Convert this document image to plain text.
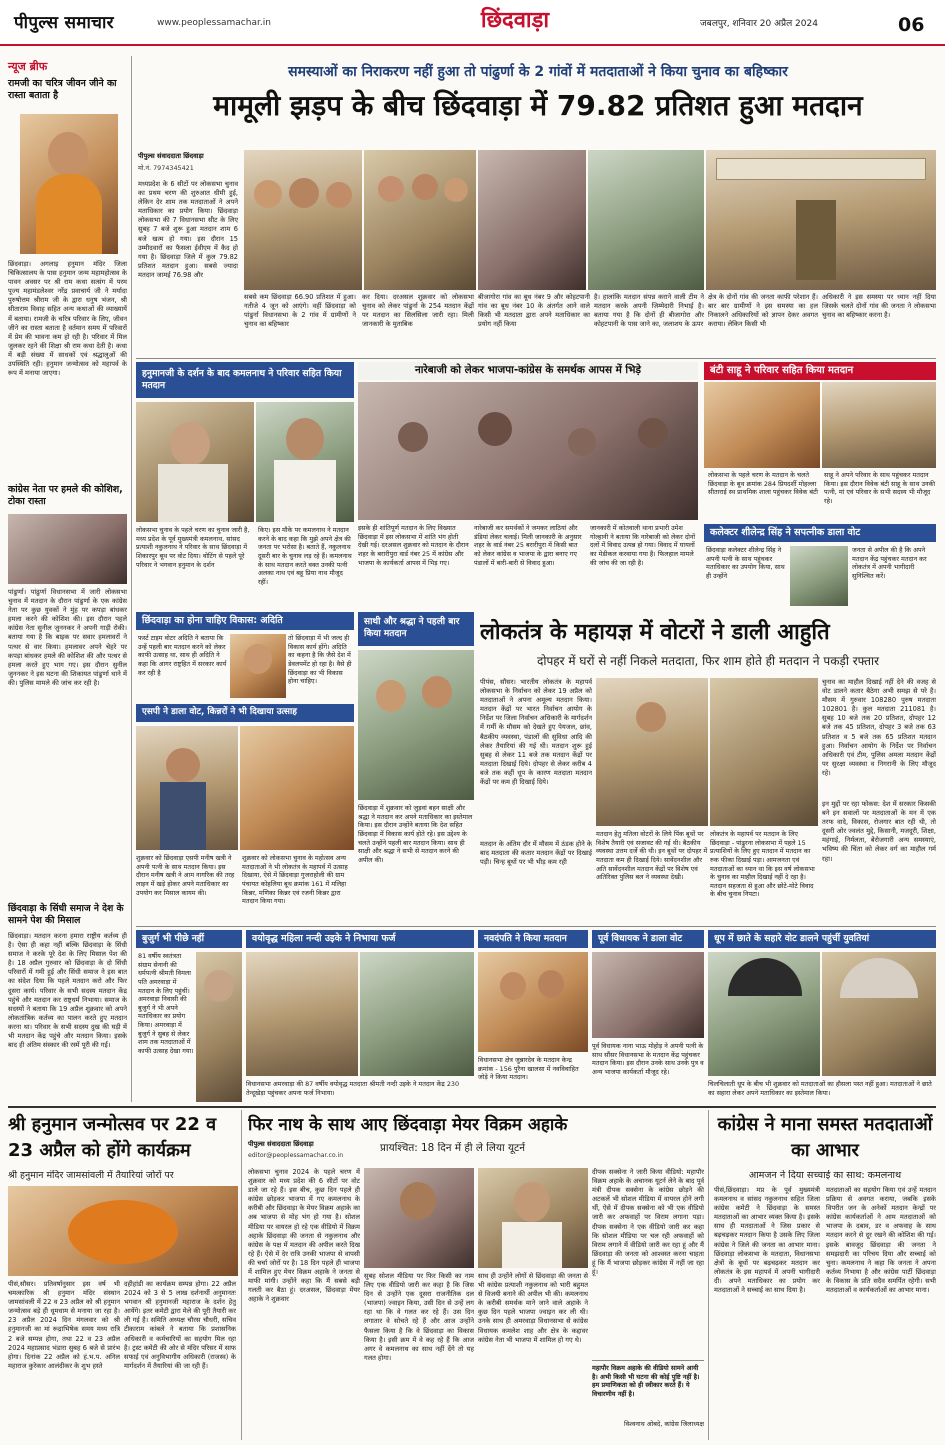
पीपुल्स समाचार	www.peoplessamachar.in	छिंदवाड़ा	जबलपुर, शनिवार 20 अप्रैल 2024	06
न्यूज ब्रीफ
रामजी का चरित्र जीवन जीने का रास्ता बताता है
छिंदवाड़ा। अगलाइ हनुमान मंदिर जिला चिकित्सालय के पास हनुमान जन्म महामहोत्सव के पावन अवसर पर श्री राम कथा सत्संग में परम पूज्य महामंडलेश्वर नरेंद्र प्रवाचार्य जी ने मर्यादा पुरुषोत्तम श्रीराम जी के द्वारा धनुष भंजन, श्री सीताराम विवाह सहित अन्य कथाओं की व्याख्यायें में बताया। रामजी के चरित्र परिवार के लिए, जीवन जीने का रास्ता बताता है वर्तमान समय में परिवारों में प्रेम की भावना कम हो रही है। परिवार में मिल जुलकर रहने की शिक्षा श्री राम कथा देती है। कथा में बड़ी संख्या में साधकों एवं श्रद्धालुओं की उपस्थिति रही। हनुमान जन्मोत्सव को महापर्व के रूप में मनाया जाएगा।
कांग्रेस नेता पर हमले की कोशिश, टोका रास्ता
पांढुर्णा। पांढुर्णा विधानसभा में जारी लोकसभा चुनाव में मतदान के दौरान पांढुर्णा के एक कांग्रेस नेता पर कुछ युवकों ने मुंह पर कपड़ा बांधकर हमला करने की कोशिश की। इस दौरान पहले कांग्रेस नेता सुनील जुननकर ने अपनी गाड़ी रोकी। बताया गया है कि बाइक पर सवार हमलावरों ने पत्थर से वार किया। हमलावर अपने चेहरे पर कपड़ा बांधकर हमले की कोशिश की और पत्थर से हमला करते हुए भाग गए। इस दौरान सुनील जुननकर ने इस घटना की शिकायत पांढुर्णा थाने में की। पुलिस मामले की जांच कर रही है।
छिंदवाड़ा के सिंधी समाज ने देश के सामने पेश की मिसाल
छिंदवाड़ा। मतदान करना हमारा राष्ट्रीय कर्तव्य ही है। ऐसा ही कहा नहीं बल्कि छिंदवाड़ा के सिंधी समाज ने करके पूरे देश के लिए मिसाल पेश की है। 18 अप्रैल गुरुवार को छिंदवाड़ा के दो सिंधी परिवारों में गमी हुई और सिंधी समाज ने इस बात का संदेश दिया कि पहले मतदान करो और फिर दूसरा कार्य। परिवार के सभी सदस्य मतदान केंद्र पहुंचे और मतदान कर राष्ट्रधर्म निभाया। समाज के सदस्यों ने बताया कि 19 अप्रैल शुक्रवार को अपने लोकतांत्रिक कर्तव्य का पालन करते हुए मतदान करना था। परिवार के सभी सदस्य दुख की घड़ी में भी मतदान केंद्र पहुंचे और मतदान किया। इसके बाद ही अंतिम संस्कार की रस्में पूरी की गईं।
समस्याओं का निराकरण नहीं हुआ तो पांढुर्णा के 2 गांवों में मतदाताओं ने किया चुनाव का बहिष्कार
मामूली झड़प के बीच छिंदवाड़ा में 79.82 प्रतिशत हुआ मतदान
पीपुल्स संवाददाता छिंदवाड़ा
मो.नं. 7974345421
मध्यप्रदेश के 6 सीटों पर लोकसभा चुनाव का प्रथम चरण की शुरुआत धीमी हुई, लेकिन देर शाम तक मतदाताओं ने अपने मताधिकार का प्रयोग किया। छिंदवाड़ा लोकसभा की 7 विधानसभा सीट के लिए सुबह 7 बजे शुरू हुआ मतदान शाम 6 बजे खत्म हो गया। इस दौरान 15 उम्मीदवारों का फैसला ईवीएम में कैद हो गया है। छिंदवाड़ा जिले में कुल 79.82 प्रतिशत मतदान हुआ। सबसे ज्यादा मतदान जामई 76.98 और
सबसे कम छिंदवाड़ा 66.90 प्रतिशत में हुआ। नतीजे 4 जून को आएंगे। वहीं छिंदवाड़ा को पांढुर्ना विधानसभा के 2 गांव में ग्रामीणों ने चुनाव का बहिष्कार
कर दिया। दरअसल शुक्रवार को लोकसभा चुनाव को लेकर पांढुर्ना के 254 मतदान केंद्रों पर मतदान का सिलसिला जारी रहा। मिली जानकारी के मुताबिक
बीजागोरा गांव का बूथ नंबर 9 और कोहटपानी गांव का बूथ नंबर 10 के अंतर्गत आने वाले किसी भी मतदाता द्वारा अपने मताधिकार का प्रयोग नहीं किया
है। हालांकि मतदान संपन्न कराने वाली टीम ने मतदान करके अपनी जिम्मेदारी निभाई है। बताया गया है कि दोनों ही बीजागोरा और कोहटपानी के पास जाने का, जलाशय के ऊपर
क्षेत्र के दोनों गांव की जनता काफी परेशान हैं। बार बार ग्रामीणों ने इस समस्या का हल निकालने अधिकारियों को ज्ञापन देकर अवगत कराया। लेकिन किसी भी
अधिकारी ने इस समस्या पर ध्यान नहीं दिया जिसके चलते दोनों गांव की जनता ने लोकसभा चुनाव का बहिष्कार करना है।
हनुमानजी के दर्शन के बाद कमलनाथ ने परिवार सहित किया मतदान
लोकसभा चुनाव के पहले चरण का चुनाव जारी है, मध्य प्रदेश के पूर्व मुख्यमंत्री कमलनाथ, सांसद प्रत्याशी नकुलनाथ ने परिवार के साथ छिंदवाड़ा में शिकारपुर बूथ पर वोट दिया। वोटिंग से पहले पूरे परिवार ने भगवान हनुमान के दर्शन
किए। इस मौके पर कमलनाथ ने मतदान करने के बाद कहा कि मुझे अपने क्षेत्र की जनता पर भरोसा है। बताते हैं, नकुलनाथ दूसरी बार के चुनाव लड़ रहे हैं। कमलनाथ के साथ मतदान करते वक्त उनकी पत्नी अलका नाथ एवं बहू प्रिया नाथ मौजूद रहीं।
नारेबाजी को लेकर भाजपा-कांग्रेस के समर्थक आपस में भिड़े
इसके ही शांतिपूर्ण मतदान के लिए विख्यात छिंदवाड़ा में इस लोकसभा में शांति भंग होती देखी गई। दरअसल शुक्रवार को मतदान के दौरान शहर के बरारीपुरा वार्ड नंबर 25 में कांग्रेस और भाजपा के कार्यकर्ता आपस में भिड़ गए।
नारेबाजी कर समर्थकों ने जमकर लाठियां और डंडियां लेकर चलाई। मिली जानकारी के अनुसार शहर के वार्ड नंबर 25 बरारीपुरा में किसी बात को लेकर कांग्रेस व भाजपा के द्वारा बनाए गए पंडालों में बारी-बारी से विवाद हुआ।
जानकारी में कोतवाली थाना प्रभारी उमेश गोल्हानी ने बताया कि नारेबाजी को लेकर दोनों दलों में विवाद उत्पन्न हो गया। विवाद में घायलों का मेडीकल करवाया गया है। फिलहाल मामले की जांच की जा रही है।
बंटी साहू ने परिवार सहित किया मतदान
लोकसभा के पहले चरण के मतदान के चलते छिंदवाड़ा के बूथ क्रमांक 284 प्रियदर्शी मोहल्ला सीताराई स्थ प्राथमिक शाला पहुंचकर विवेक बंटी
साहू ने अपने परिवार के साथ पहुंचकर मतदान किया। इस दौरान विवेक बंटी साहू के साथ उनकी पत्नी, मां एवं परिवार के सभी सदस्य भी मौजूद रहे।
कलेक्टर शीलेन्द्र सिंह ने सपत्नीक डाला वोट
छिंदवाड़ा कलेक्टर शीलेन्द्र सिंह ने अपनी पत्नी के साथ पहुंचकर मताधिकार का उपयोग किया, साथ ही उन्होंने
जनता से अपील की है कि अपने मतदान केंद्र पहुंचकर मतदान कर लोकतंत्र में अपनी भागीदारी सुनिश्चित करें।
छिंदवाड़ा का होना चाहिए विकास: अदिति
फर्स्ट टाइम वोटर अदिति ने बताया कि उन्हें पहली बार मतदान करने को लेकर काफी उत्साह था, साथ ही अदिति ने कहा कि आगर राष्ट्रहित में सरकार कार्य कर रही है
तो छिंदवाड़ा में भी जल्द ही विकास कार्य होंगे। अदिति का कहना है कि जैसे देश में डेवलपमेंट हो रहा है। वैसे ही छिंदवाड़ा का भी विकास होना चाहिए।
साथी और श्रद्धा ने पहली बार किया मतदान
छिंदवाड़ा में शुक्रवार को जुड़वां बहन साक्षी और श्रद्धा ने मतदान कर अपने मताधिकार का इस्तेमाल किया। इस दौरान उन्होंने बताया कि देश सहित छिंदवाड़ा में विकास कार्य होते रहे। इस उद्देश्य के चलते उन्होंने पहली बार मतदान किया। साथ ही साक्षी और श्रद्धा ने सभी से मतदान करने की अपील की।
एसपी ने डाला वोट, किन्नरों ने भी दिखाया उत्साह
शुक्रवार को छिंदवाड़ा एसपी मनीष खत्री ने अपनी पत्नी के साथ मतदान किया। इस दौरान मनीष खत्री ने आम नागरिक की तरह लाइन में खड़े होकर अपने मताधिकार का उपयोग कर मिसाल कायम की।
शुक्रवार को लोकसभा चुनाव के महोत्सव अन्य मतदाताओं ने भी लोकतंत्र के महापर्व में उत्साह दिखाया, ऐसे में छिंदवाड़ा गुजराहोली की ग्राम पंचायत कोहलिया बूथ क्रमांक 161 में मलिहा किन्नर, मणिका किन्नर एवं रजनी किन्नर द्वारा मतदान किया गया।
लोकतंत्र के महायज्ञ में वोटरों ने डाली आहुति
दोपहर में घरों से नहीं निकले मतदाता, फिर शाम होते ही मतदान ने पकड़ी रफ्तार
पीपंस, सौसर। भारतीय लोकतंत्र के महापर्व लोकसभा के निर्वाचन को लेकर 19 अप्रैल को मतदाताओं ने अपना अमूल्य मतदान किया। मतदान केंद्रों पर भारत निर्वाचन आयोग के निर्देश पर जिला निर्वाचन अधिकारी के मार्गदर्शन में गर्मी के मौसम को देखते हुए पेयजल, छांव, बैठकीय व्यवस्था, पंडालों की सुविधा आदि की लेकर तैयारियां की गई थी। मतदान शुरू हुई सुबह से लेकर 11 बजे तक मतदान केंद्रों पर मतदाता दिखाई दिये। दोपहर से लेकर करीब 4 बजे तक कहीं धूप के कारण मतदाता मतदान केंद्रों पर कम ही दिखाई दिये।
चुनाव का माहौल दिखाई नहीं देने की वजह से वोट डालने कतार बैठेगा अभी समझ से परे है। मौसम में गुरुवार 108280 पुरुष मतदाता 102801 है। कुल मतदाता 211081 है। सुबह 10 बजे तक 20 प्रतिशत, दोपहर 12 बजे तक 45 प्रतिशत, दोपहर 3 बजे तक 63 प्रतिशत व 5 बजे तक 65 प्रतिशत मतदान हुआ। निर्वाचन आयोग के निर्देश पर निर्वाचन अधिकारी एवं टीम, पुलिस अमला मतदान केंद्रों पर सुरक्षा व्यवस्था व निगरानी के लिए मौजूद रहे।
इन मुद्दों पर रहा फोकस: देश में सरकार किसकी बने इन सवालों पर मतदाताओं के मन में एक तरफ वादे, विकास, रोजगार बात रही थी, तो दूसरी ओर ज्वलंत मुद्दे, किसानी, मजदूरी, शिक्षा, महंगाई, निर्मलता, बेरोजगारी अन्य समस्याएं, भविष्य की चिंता को लेकर वर्ग का माहौल गर्म रहा।
मतदान के अंतिम दौर में मौसम में ठंडक होने के बाद मतदाता की कतार मतदान केंद्रों पर दिखाई पड़ी। चिन्ह बूथों पर भी भीड़ कम रही
मतदान हेतु मतिला वोटरों के लिये पिंक बूथों पर विशेष तैयारी एवं सजावट की गई थी। बैठकीय व्यवस्था उत्तम दर्जे की थी। इन बूथों पर दोपहर में मतदाता कम ही दिखाई दिये। सावेंदनशील और अति सावेंदनशील मतदान केंद्रों पर विशेष एवं अतिरिक्त पुलिस बल ने व्यवस्था देखी।
लोकतंत्र के महापर्व पर मतदान के लिए छिंदवाड़ा - पांढुरना लोकसभा में पहले 15 प्रत्याशियों के लिए हुए मतदान में मतदान का रुक फीका दिखाई पड़ा। आमजनता एवं मतदाताओं का ध्यान था कि इस वर्ष लोकसभा के चुनाव का माहौल दिखाई नहीं दे रहा है। मतदान सहजता से हुआ और छोटे-मोटे विवाद के बीच चुनाव निपटा।
बुजुर्ग भी पीछे नहीं
81 वर्षीय स्वतंत्रता संग्राम सेनानी की धर्मपत्नी श्रीमती विमला पति अमरवाड़ा में मतदान के लिए पहुंचीं। अमरवाड़ा निवासी की बुजुर्ग ने भी अपने मताधिकार का प्रयोग किया। अमरवाड़ा में बुजुर्ग ने सुबह से लेकर शाम तक मतदाताओं में काफी उत्साह देखा गया।
वयोवृद्ध महिला नन्दी उइके ने निभाया फर्ज
विधानसभा अमरवाड़ा की 87 वर्षीय वयोवृद्ध मतदाता श्रीमती नन्दी उइके ने मतदान केंद्र 230 तेन्दूखेड़ा पहुंचकर अपना फर्ज निभाया।
नवदंपति ने किया मतदान
विधानसभा क्षेत्र जुन्नारदेव के मतदान केन्द्र क्रमांक - 156 पुरैना खालसा में नवविवाहित जोड़े ने किया मतदान।
पूर्व विधायक ने डाला वोट
पूर्व विधायक नाना भाऊ मोहोड़ ने अपनी पत्नी के साथ सौंसर विधानसभा के मतदान केंद्र पहुंचकर मतदान किया। इस दौरान उनके साथ उनके पुत्र व अन्य भाजपा कार्यकर्ता मौजूद रहे।
धूप में छाते के सहारे वोट डालने पहुंचीं युवतियां
चिलचिलाती धूप के बीच भी शुक्रवार को मतदाताओं का हौसला पस्त नहीं हुआ। मतदाताओं ने छाते का सहारा लेकर अपने मताधिकार का इस्तेमाल किया।
श्री हनुमान जन्मोत्सव पर 22 व 23 अप्रैल को होंगे कार्यक्रम
श्री हनुमान मंदिर जामसांवली में तैयारियां जोरों पर
पीसं,सौसर। प्रतिवर्षानुसार इस वर्ष भी चमत्कारिक श्री हनुमान मंदिर संस्थान जामसांवली में 22 व 23 अप्रैल को श्री हनुमान जन्मोत्सव बड़े ही धूमधाम से मनाया जा रहा है। 23 अप्रैल 2024 दिन मंगलवार को श्री हनुमानजी का मां रूद्राभिषेक समय मध्य रात्रि 2 बजे सम्पन्न होगा, तथा 22 व 23 अप्रैल 2024 महाप्रसाद भंडारा सुबह 6 बजे से प्रारंभ होगा। दिनांक 22 अप्रैल को हं.भ.प. अनिल महाराज कुरेकार आलंदीकर के शुभ हस्ते
दहीहांडी का कार्यक्रम सम्पन्न होगा। 22 अप्रैल 2024 को 3 से 5 लाख दर्शनार्थी अनुमानतः भगवान श्री हनुमानजी महाराज के दर्शन हेतु आयेंगे। इतर कमेटी द्वारा मेले की पूरी तैयारी कर ली गई है। समिति अध्यक्ष चौरस चौधरी, सचिव टीकाराम कांबले ने बताया कि प्रशासनिक अधिकारी व कर्मचारियों का सहयोग मिल रहा है। ट्रस्ट कमेटी की ओर से मंदिर परिसर में साफ सफाई एवं अनुविभागीय अधिकारी (राजस्व) के मार्गदर्शन में तैयारियां की जा रही हैं।
फिर नाथ के साथ आए छिंदवाड़ा मेयर विक्रम अहाके
पीपुल्स संवाददाता छिंदवाड़ा
editor@peoplessamachar.co.in
प्रायश्चित: 18 दिन में ही ले लिया यूटर्न
लोकसभा चुनाव 2024 के पहले चरण में शुक्रवार को मध्य प्रदेश की 6 सीटों पर वोट डाले जा रहे हैं। इस बीच, कुछ दिन पहले ही कांग्रेस छोड़कर भाजपा में गए कमलनाथ के करीबी और छिंदवाड़ा के मेयर विक्रम अहाके का अब भाजपा से मोह भंग हो गया है। सोशल मीडिया पर वायरल हो रहे एक वीडियो में विक्रम अहाके छिंदवाड़ा की जनता से नकुलनाथ और कांग्रेस के पक्ष में मतदान की अपील करते दिख रहे हैं। ऐसे में देर रात्रि उनकी भाजपा से वापसी की चर्चा जोरों पर है। 18 दिन पहले ही भाजपा में शामिल हुए मेयर विक्रम अहाके ने जनता से माफी मांगी। उन्होंने कहा कि मैं सबसे बड़ी गलती कर बैठा हूं। दरअसल, छिंदवाड़ा मेयर अहाके ने शुक्रवार
सुबह सोशल मीडिया पर फिर किसी का नाम लिए एक वीडियो जारी कर कहा है कि जिस दिन से उन्होंने एक दूसरा राजनीतिक दल (भाजपा) ज्वाइन किया, उसी दिन से उन्हें लग रहा था कि वे गलत कर रहे हैं। उस दिन लगातार वे सोचते रहे हैं और आज उन्होंने फैसला किया है कि वे छिंदवाड़ा का विकास किया है। इसी क्रम में वे कह रहे हैं कि आज अगर वे कमलनाथ का साथ नहीं देंगे तो यह गलत होगा।
साथ ही उन्होंने लोगों से छिंदवाड़ा की जनता से भी कांग्रेस प्रत्याशी नकुलनाथ को भारी बहुमत से विजयी बनाने की अपील भी की। कमलनाथ के करीबी समर्थक माने जाने वाले अहाके ने कुछ दिन पहले भाजपा ज्वाइन कर ली थी। उनके साथ ही अमरवाड़ा विधानसभा से कांग्रेस विधायक कमलेश शाह और क्षेत्र के कद्दावर कांग्रेस नेता भी भाजपा में शामिल हो गए थे।
दीपक सक्सेना ने जारी किया वीडियो: महापौर विक्रम अहाके के अचानक यूटर्न लेने के बाद पूर्व मंत्री दीपक सक्सेना के कांग्रेस छोड़ने की अटकलें भी सोशल मीडिया में वायरल होने लगी थीं, ऐसे में दीपक सक्सेना को भी एक वीडियो जारी कर अफवाहों पर विराम लगाना पड़ा। दीपक सक्सेना ने एक वीडियो जारी कर कहा कि सोशल मीडिया पर चल रही अफवाहों को विराम लगाने में वीडियो जारी कर रहा हूं और मैं छिंदवाड़ा की जनता को आश्वस्त करना चाहता हूं कि मैं भाजपा छोड़कर कांग्रेस में नहीं जा रहा हूं।
महापौर विक्रम अहाके की वीडियो सामने आयी है। अभी किसी भी घटना की कोई पुष्टि नहीं है। हम प्रमाणिकता को ही स्वीकार करते हैं। ये विचारणीय नहीं है।
विश्वनाथ ओबदे, कांग्रेस जिलाध्यक्ष
कांग्रेस ने माना समस्त मतदाताओं का आभार
आमजन ने दिया सच्चाई का साथ: कमलनाथ
पीसं,छिंदवाड़ा। मप्र के पूर्व मुख्यमंत्री कमलनाथ व सांसद नकुलनाथ सहित जिला कांग्रेस कमेटी ने छिंदवाड़ा के समस्त मतदाताओं का आभार व्यक्त किया है। इसके साथ ही मतदाताओं ने जिस प्रकार से बढ़चढ़कर मतदान किया है उसके लिए जिला कांग्रेस ने जिले की जनता का आभार माना। छिंदवाड़ा लोकसभा के मतदाता, विधानसभा क्षेत्रों के बूथों पर बढ़चढ़कर मतदान कर लोकतंत्र के इस महापर्व में अपनी भागीदारी दी। अपने मताधिकार का प्रयोग कर मतदाताओं ने सच्चाई का साथ दिया है।
मतदाताओं का सहयोग किया एवं उन्हें मतदान प्रक्रिया से अवगत कराया, जबकि इसके विपरीत जन के अनेकों मतदान केन्द्रों पर कांग्रेस कार्यकर्ताओं ने आम मतदाताओं को भाजपा के दबाव, डर व अफवाह के साथ मतदान करने से दूर रखने की कोशिश की गई। इसके बावजूद छिंदवाड़ा की जनता ने समझदारी का परिचय दिया और सच्चाई को चुना। कमलनाथ ने कहा कि जनता ने अपना कर्तव्य निभाया है और कांग्रेस पार्टी छिंदवाड़ा के विकास के प्रति सदैव समर्पित रहेगी। सभी मतदाताओं व कार्यकर्ताओं का आभार माना।
